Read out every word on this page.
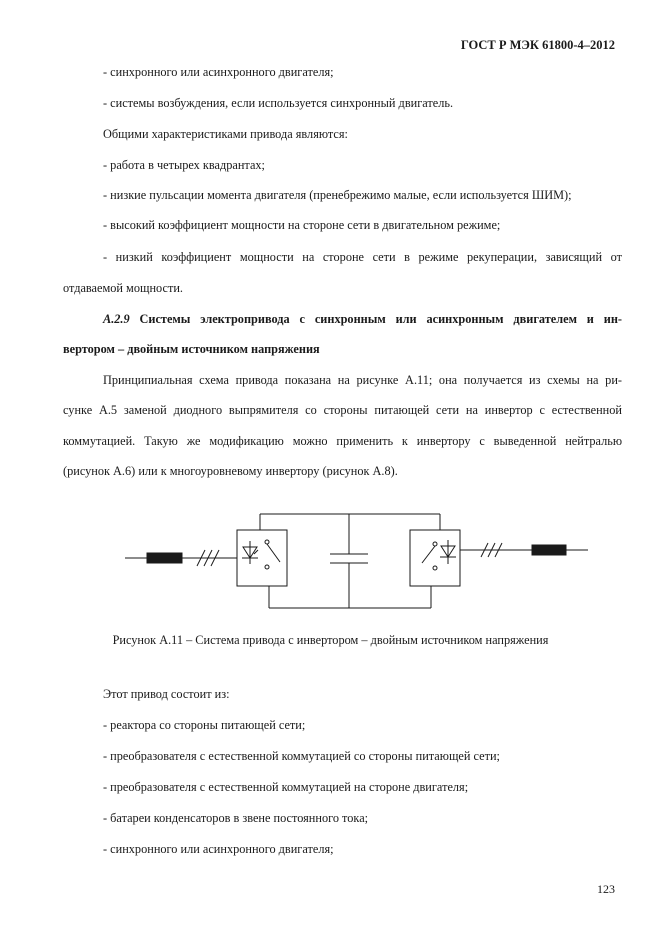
ГОСТ Р МЭК 61800-4–2012
- синхронного или асинхронного двигателя;
- системы возбуждения, если используется синхронный двигатель.
Общими характеристиками привода являются:
- работа в четырех квадрантах;
- низкие пульсации момента двигателя (пренебрежимо малые, если используется ШИМ);
- высокий коэффициент мощности на стороне сети в двигательном режиме;
- низкий коэффициент мощности на стороне сети в режиме рекуперации, зависящий от
отдаваемой мощности.
А.2.9 Системы электропривода с синхронным или асинхронным двигателем и ин-
вертором – двойным источником напряжения
Принципиальная схема привода показана на рисунке А.11; она получается из схемы на ри-
сунке А.5 заменой диодного выпрямителя со стороны питающей сети на инвертор с естественной
коммутацией. Такую же модификацию можно применить к инвертору с выведенной нейтралью
(рисунок А.6) или к многоуровневому инвертору (рисунок А.8).
Рисунок А.11 – Система привода с инвертором – двойным источником напряжения
Этот привод состоит из:
- реактора со стороны питающей сети;
- преобразователя с естественной коммутацией со стороны питающей сети;
- преобразователя с естественной коммутацией на стороне двигателя;
- батареи конденсаторов в звене постоянного тока;
- синхронного или асинхронного двигателя;
123
